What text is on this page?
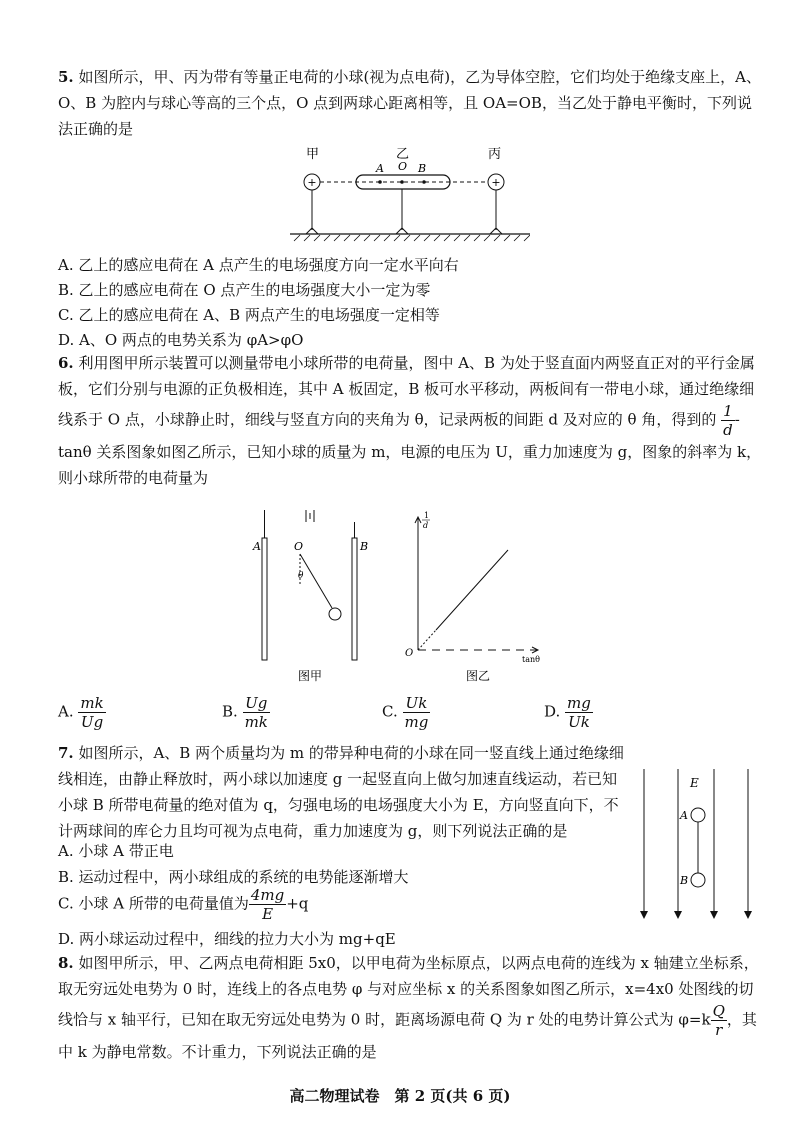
5. 如图所示，甲、丙为带有等量正电荷的小球(视为点电荷)，乙为导体空腔，它们均处于绝缘支座上，A、O、B 为腔内与球心等高的三个点，O 点到两球心距离相等，且 OA=OB，当乙处于静电平衡时，下列说法正确的是
甲	乙	丙
+	+
A O B
A. 乙上的感应电荷在 A 点产生的电场强度方向一定水平向右
B. 乙上的感应电荷在 O 点产生的电场强度大小一定为零
C. 乙上的感应电荷在 A、B 两点产生的电场强度一定相等
D. A、O 两点的电势关系为 φA>φO
6. 利用图甲所示装置可以测量带电小球所带的电荷量，图中 A、B 为处于竖直面内两竖直正对的平行金属板，它们分别与电源的正负极相连，其中 A 板固定，B 板可水平移动，两板间有一带电小球，通过绝缘细线系于 O 点，小球静止时，细线与竖直方向的夹角为 θ，记录两板的间距 d 及对应的 θ 角，得到的 $\frac{1}{d} -\tan\theta$ 关系图象如图乙所示，已知小球的质量为 m，电源的电压为 U，重力加速度为 g，图象的斜率为 k，则小球所带的电荷量为
A	B
O
θ
图甲
1
d
O
tanθ
图乙
A. $\frac{mk}{Ug}$	B. $\frac{Ug}{mk}$	C. $\frac{Uk}{mg}$	D. $\frac{mg}{Uk}$
7. 如图所示，A、B 两个质量均为 m 的带异种电荷的小球在同一竖直线上通过绝缘细线相连，由静止释放时，两小球以加速度 g 一起竖直向上做匀加速直线运动，若已知小球 B 所带电荷量的绝对值为 q，匀强电场的电场强度大小为 E，方向竖直向下，不计两球间的库仑力且均可视为点电荷，重力加速度为 g，则下列说法正确的是
E
A
B
A. 小球 A 带正电
B. 运动过程中，两小球组成的系统的电势能逐渐增大
C. 小球 A 所带的电荷量值为 $\frac{4mg}{E} +q$
D. 两小球运动过程中，细线的拉力大小为 mg+qE
8. 如图甲所示，甲、乙两点电荷相距 5x0，以甲电荷为坐标原点，以两点电荷的连线为 x 轴建立坐标系，取无穷远处电势为 0 时，连线上的各点电势 φ 与对应坐标 x 的关系图象如图乙所示，x=4x0 处图线的切线恰与 x 轴平行，已知在取无穷远处电势为 0 时，距离场源电荷 Q 为 r 处的电势计算公式为 $\varphi=k \frac{Q}{r}$ ，其中 k 为静电常数。不计重力，下列说法正确的是
高二物理试卷　第 2 页(共 6 页)
